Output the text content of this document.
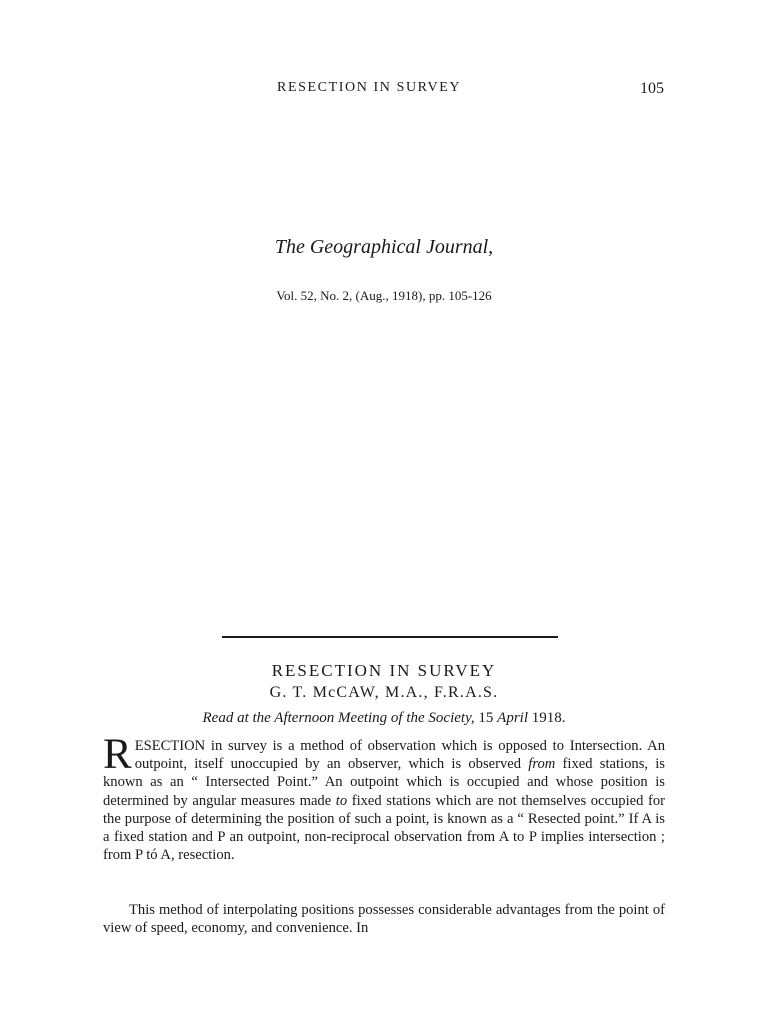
RESECTION IN SURVEY	105
The Geographical Journal,
Vol. 52, No. 2, (Aug., 1918), pp. 105-126
RESECTION IN SURVEY
G. T. McCAW, M.A., F.R.A.S.
Read at the Afternoon Meeting of the Society, 15 April 1918.

RESECTION in survey is a method of observation which is opposed to Intersection. An outpoint, itself unoccupied by an observer, which is observed from fixed stations, is known as an “ Intersected Point.” An outpoint which is occupied and whose position is determined by angular measures made to fixed stations which are not themselves occupied for the purpose of determining the position of such a point, is known as a “ Resected point.” If A is a fixed station and P an outpoint, non-reciprocal observation from A to P implies intersection ; from P tó A, resection.

This method of interpolating positions possesses considerable advantages from the point of view of speed, economy, and convenience. In
